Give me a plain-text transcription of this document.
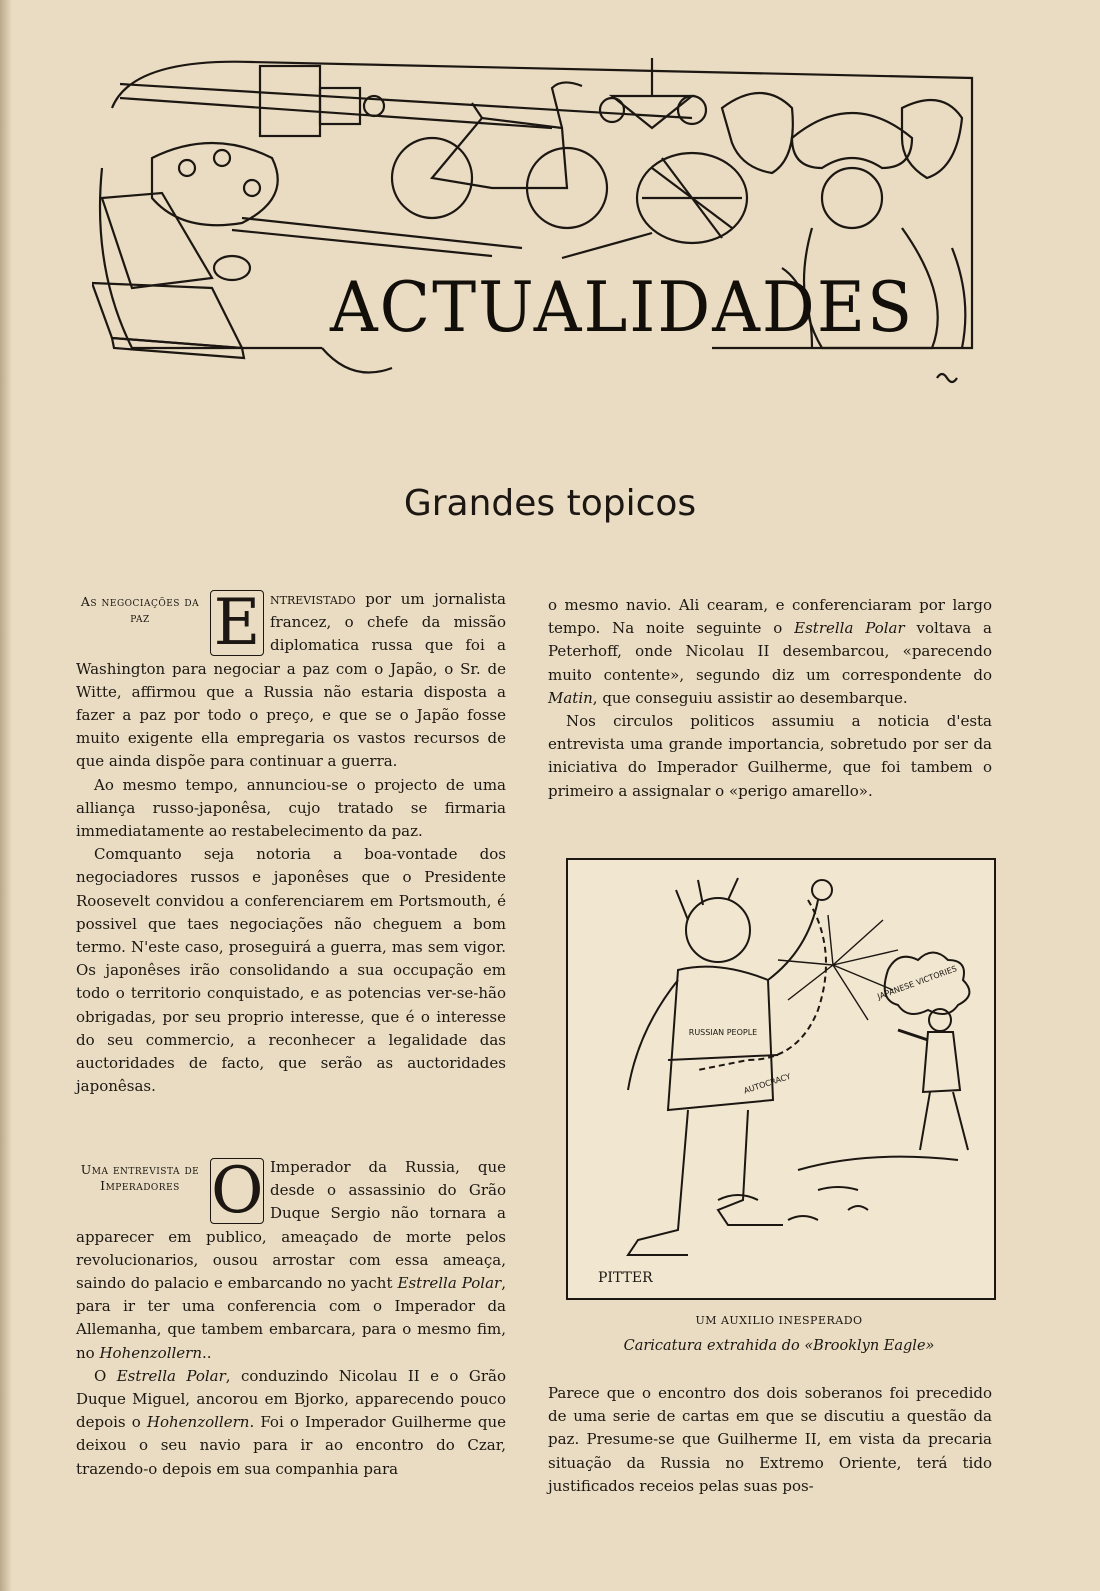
ACTUALIDADES
Grandes topicos
As negociações da paz E ntrevistado por um jornalista francez, o chefe da missão diplomatica russa que foi a Washington para negociar a paz com o Japão, o Sr. de Witte, affirmou que a Russia não estaria disposta a fazer a paz por todo o preço, e que se o Japão fosse muito exigente ella empregaria os vastos recursos de que ainda dispõe para continuar a guerra.

Ao mesmo tempo, annunciou-se o projecto de uma alliança russo-japonêsa, cujo tratado se firmaria immediatamente ao restabelecimento da paz.

Comquanto seja notoria a boa-vontade dos negociadores russos e japonêses que o Presidente Roosevelt convidou a conferenciarem em Portsmouth, é possivel que taes negociações não cheguem a bom termo. N'este caso, proseguirá a guerra, mas sem vigor. Os japonêses irão consolidando a sua occupação em todo o territorio conquistado, e as potencias ver-se-hão obrigadas, por seu proprio interesse, que é o interesse do seu commercio, a reconhecer a legalidade das auctoridades de facto, que serão as auctoridades japonêsas.

Uma entrevista de Imperadores O Imperador da Russia, que desde o assassinio do Grão Duque Sergio não tornara a apparecer em publico, ameaçado de morte pelos revolucionarios, ousou arrostar com essa ameaça, saindo do palacio e embarcando no yacht Estrella Polar, para ir ter uma conferencia com o Imperador da Allemanha, que tambem embarcara, para o mesmo fim, no Hohenzollern..

O Estrella Polar, conduzindo Nicolau II e o Grão Duque Miguel, ancorou em Bjorko, apparecendo pouco depois o Hohenzollern. Foi o Imperador Guilherme que deixou o seu navio para ir ao encontro do Czar, trazendo-o depois em sua companhia para

o mesmo navio. Ali cearam, e conferenciaram por largo tempo. Na noite seguinte o Estrella Polar voltava a Peterhoff, onde Nicolau II desembarcou, «parecendo muito contente», segundo diz um correspondente do Matin, que conseguiu assistir ao desembarque.

Nos circulos politicos assumiu a noticia d'esta entrevista uma grande importancia, sobretudo por ser da iniciativa do Imperador Guilherme, que foi tambem o primeiro a assignalar o «perigo amarello».

RUSSIAN PEOPLE
AUTOCRACY
JAPANESE VICTORIES
PITTER
UM AUXILIO INESPERADO
Caricatura extrahida do «Brooklyn Eagle»

Parece que o encontro dos dois soberanos foi precedido de uma serie de cartas em que se discutiu a questão da paz. Presume-se que Guilherme II, em vista da precaria situação da Russia no Extremo Oriente, terá tido justificados receios pelas suas pos-
